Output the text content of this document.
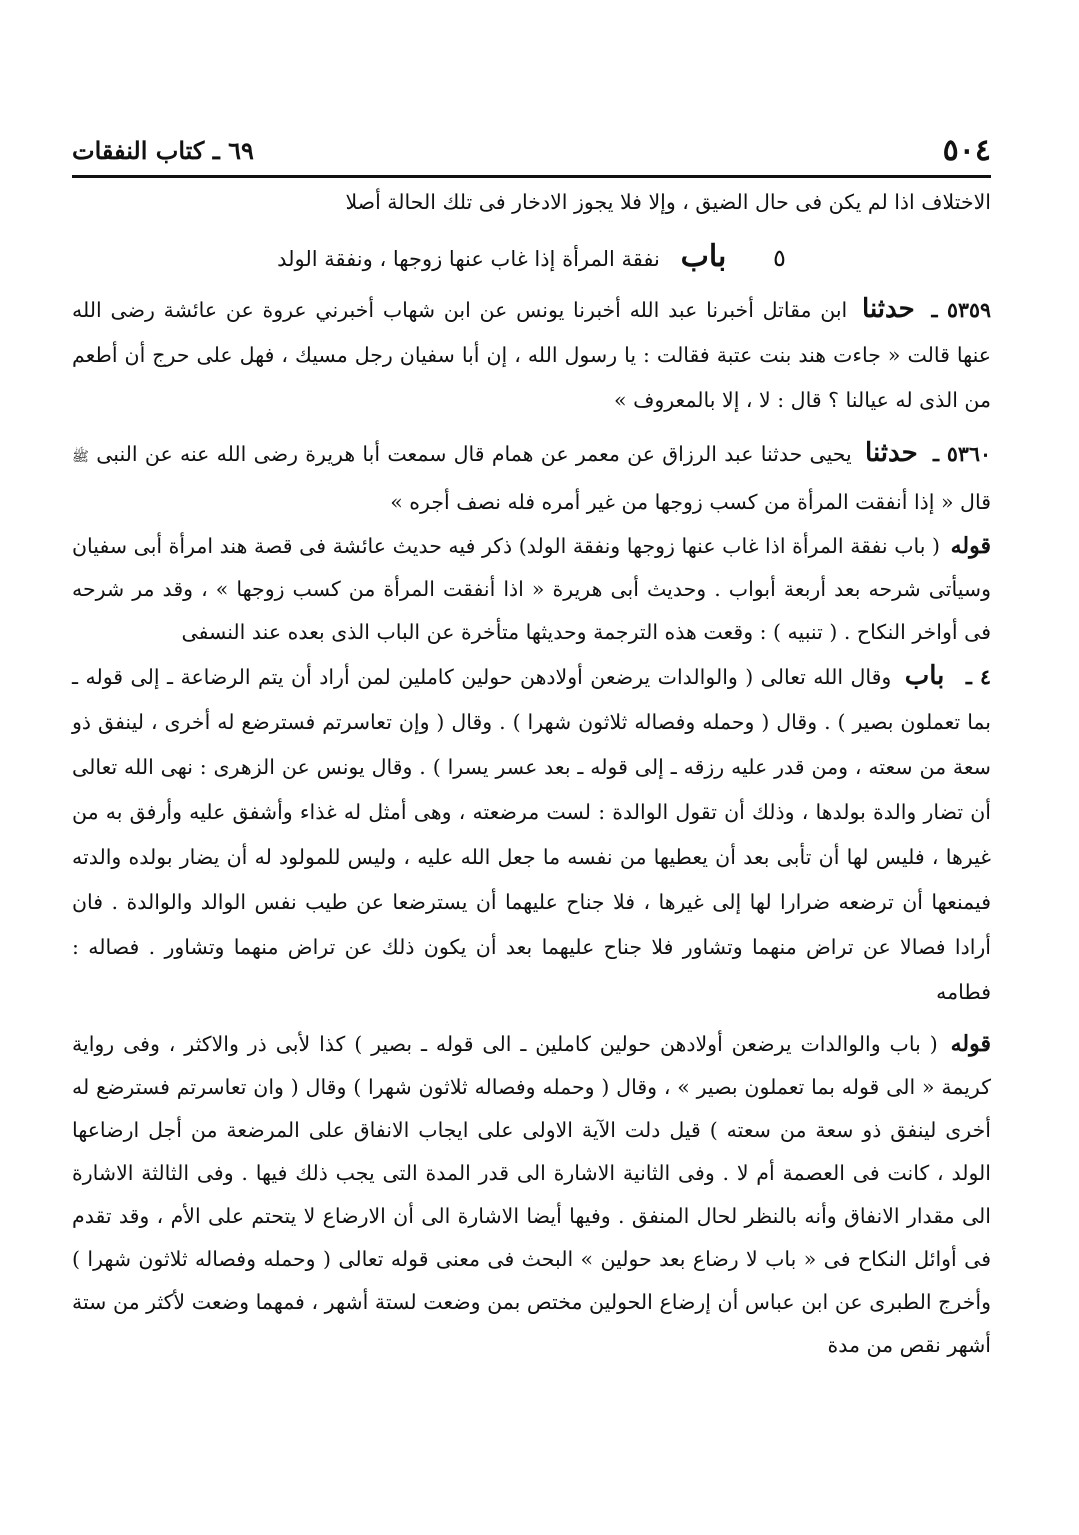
٥٠٤
٦٩ ـ كتاب النفقات

الاختلاف اذا لم يكن فى حال الضيق ، وإلا فلا يجوز الادخار فى تلك الحالة أصلا

٥ باب نفقة المرأة إذا غاب عنها زوجها ، ونفقة الولد

٥٣٥٩ ـ حدثنا ابن مقاتل أخبرنا عبد الله أخبرنا يونس عن ابن شهاب أخبرني عروة عن عائشة رضى الله عنها قالت « جاءت هند بنت عتبة فقالت : يا رسول الله ، إن أبا سفيان رجل مسيك ، فهل على حرج أن أطعم من الذى له عيالنا ؟ قال : لا ، إلا بالمعروف »

٥٣٦٠ ـ حدثنا يحيى حدثنا عبد الرزاق عن معمر عن همام قال سمعت أبا هريرة رضى الله عنه عن النبى ﷺ قال « إذا أنفقت المرأة من كسب زوجها من غير أمره فله نصف أجره »

قوله ( باب نفقة المرأة اذا غاب عنها زوجها ونفقة الولد) ذكر فيه حديث عائشة فى قصة هند امرأة أبى سفيان وسيأتى شرحه بعد أربعة أبواب . وحديث أبى هريرة « اذا أنفقت المرأة من كسب زوجها » ، وقد مر شرحه فى أواخر النكاح . ( تنبيه ) : وقعت هذه الترجمة وحديثها متأخرة عن الباب الذى بعده عند النسفى

٤ ـ باب وقال الله تعالى ( والوالدات يرضعن أولادهن حولين كاملين لمن أراد أن يتم الرضاعة ـ إلى قوله ـ بما تعملون بصير ) . وقال ( وحمله وفصاله ثلاثون شهرا ) . وقال ( وإن تعاسرتم فسترضع له أخرى ، لينفق ذو سعة من سعته ، ومن قدر عليه رزقه ـ إلى قوله ـ بعد عسر يسرا ) . وقال يونس عن الزهرى : نهى الله تعالى أن تضار والدة بولدها ، وذلك أن تقول الوالدة : لست مرضعته ، وهى أمثل له غذاء وأشفق عليه وأرفق به من غيرها ، فليس لها أن تأبى بعد أن يعطيها من نفسه ما جعل الله عليه ، وليس للمولود له أن يضار بولده والدته فيمنعها أن ترضعه ضرارا لها إلى غيرها ، فلا جناح عليهما أن يسترضعا عن طيب نفس الوالد والوالدة . فان أرادا فصالا عن تراض منهما وتشاور فلا جناح عليهما بعد أن يكون ذلك عن تراض منهما وتشاور . فصاله : فطامه

قوله ( باب والوالدات يرضعن أولادهن حولين كاملين ـ الى قوله ـ بصير ) كذا لأبى ذر والاكثر ، وفى رواية كريمة « الى قوله بما تعملون بصير » ، وقال ( وحمله وفصاله ثلاثون شهرا ) وقال ( وان تعاسرتم فسترضع له أخرى لينفق ذو سعة من سعته ) قيل دلت الآية الاولى على ايجاب الانفاق على المرضعة من أجل ارضاعها الولد ، كانت فى العصمة أم لا . وفى الثانية الاشارة الى قدر المدة التى يجب ذلك فيها . وفى الثالثة الاشارة الى مقدار الانفاق وأنه بالنظر لحال المنفق . وفيها أيضا الاشارة الى أن الارضاع لا يتحتم على الأم ، وقد تقدم فى أوائل النكاح فى « باب لا رضاع بعد حولين » البحث فى معنى قوله تعالى ( وحمله وفصاله ثلاثون شهرا ) وأخرج الطبرى عن ابن عباس أن إرضاع الحولين مختص بمن وضعت لستة أشهر ، فمهما وضعت لأكثر من ستة أشهر نقص من مدة
